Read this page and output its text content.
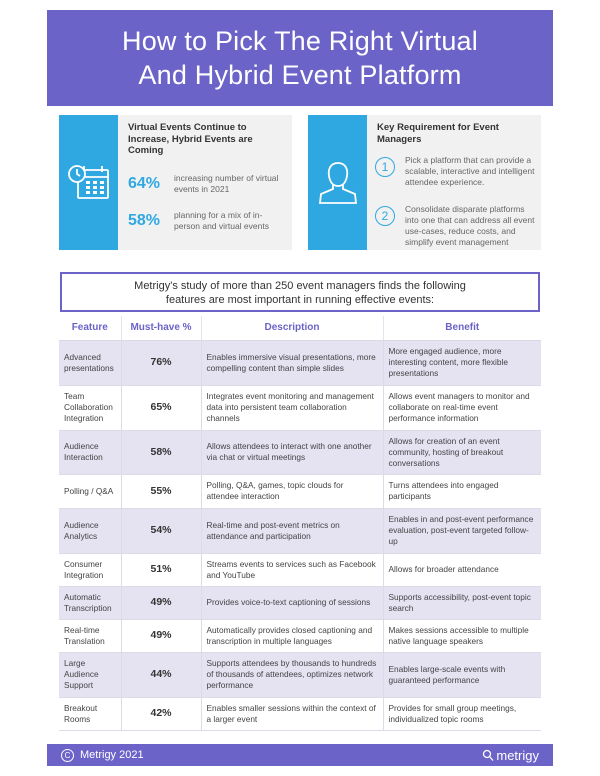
How to Pick The Right Virtual
And Hybrid Event Platform
Virtual Events Continue to Increase, Hybrid Events are Coming
64%	increasing number of virtual events in 2021
58%	planning for a mix of in-person and virtual events
Key Requirement for Event Managers
1	Pick a platform that can provide a scalable, interactive and intelligent attendee experience.
2	Consolidate disparate platforms into one that can address all event use-cases, reduce costs, and simplify event management
Metrigy's study of more than 250 event managers finds the following
features are most important in running effective events:
Feature	Must-have %	Description	Benefit
Advanced presentations	76%	Enables immersive visual presentations, more compelling content than simple slides	More engaged audience, more interesting content, more flexible presentations
Team Collaboration Integration	65%	Integrates event monitoring and management data into persistent team collaboration channels	Allows event managers to monitor and collaborate on real-time event performance information
Audience Interaction	58%	Allows attendees to interact with one another via chat or virtual meetings	Allows for creation of an event community, hosting of breakout conversations
Polling / Q&A	55%	Polling, Q&A, games, topic clouds for attendee interaction	Turns attendees into engaged participants
Audience Analytics	54%	Real-time and post-event metrics on attendance and participation	Enables in and post-event performance evaluation, post-event targeted follow-up
Consumer Integration	51%	Streams events to services such as Facebook and YouTube	Allows for broader attendance
Automatic Transcription	49%	Provides voice-to-text captioning of sessions	Supports accessibility, post-event topic search
Real-time Translation	49%	Automatically provides closed captioning and transcription in multiple languages	Makes sessions accessible to multiple native language speakers
Large Audience Support	44%	Supports attendees by thousands to hundreds of thousands of attendees, optimizes network performance	Enables large-scale events with guaranteed performance
Breakout Rooms	42%	Enables smaller sessions within the context of a larger event	Provides for small group meetings, individualized topic rooms
C Metrigy 2021	metrigy
